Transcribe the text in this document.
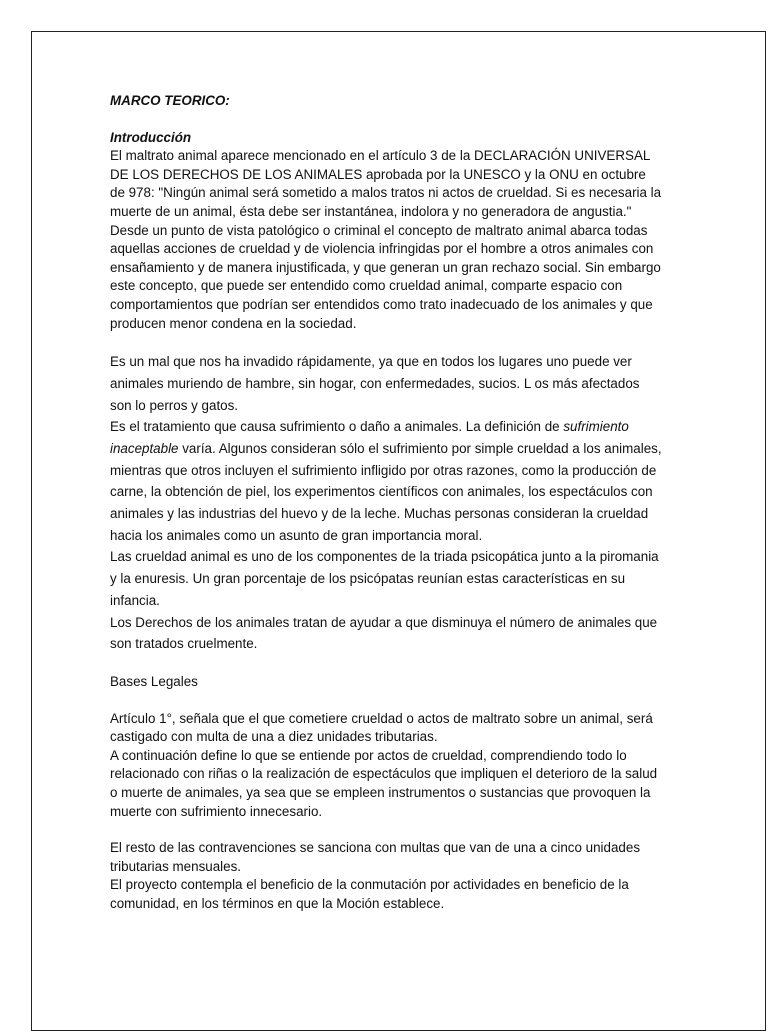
MARCO TEORICO:

Introducción

El maltrato animal aparece mencionado en el artículo 3 de la DECLARACIÓN UNIVERSAL DE LOS DERECHOS DE LOS ANIMALES aprobada por la UNESCO y la ONU en octubre de 978: "Ningún animal será sometido a malos tratos ni actos de crueldad. Si es necesaria la muerte de un animal, ésta debe ser instantánea, indolora y no generadora de angustia." Desde un punto de vista patológico o criminal el concepto de maltrato animal abarca todas aquellas acciones de crueldad y de violencia infringidas por el hombre a otros animales con ensañamiento y de manera injustificada, y que generan un gran rechazo social. Sin embargo este concepto, que puede ser entendido como crueldad animal, comparte espacio con comportamientos que podrían ser entendidos como trato inadecuado de los animales y que producen menor condena en la sociedad.

Es un mal que nos ha invadido rápidamente, ya que en todos los lugares uno puede ver animales muriendo de hambre, sin hogar, con enfermedades, sucios. L os más afectados son lo perros y gatos.

Es el tratamiento que causa sufrimiento o daño a animales. La definición de sufrimiento inaceptable varía. Algunos consideran sólo el sufrimiento por simple crueldad a los animales, mientras que otros incluyen el sufrimiento infligido por otras razones, como la producción de carne, la obtención de piel, los experimentos científicos con animales, los espectáculos con animales y las industrias del huevo y de la leche. Muchas personas consideran la crueldad hacia los animales como un asunto de gran importancia moral.

Las crueldad animal es uno de los componentes de la triada psicopática junto a la piromania y la enuresis. Un gran porcentaje de los psicópatas reunían estas características en su infancia.

Los Derechos de los animales tratan de ayudar a que disminuya el número de animales que son tratados cruelmente.

Bases Legales

Artículo 1°, señala que el que cometiere crueldad o actos de maltrato sobre un animal, será castigado con multa de una a diez unidades tributarias.

A continuación define lo que se entiende por actos de crueldad, comprendiendo todo lo relacionado con riñas o la realización de espectáculos que impliquen el deterioro de la salud o muerte de animales, ya sea que se empleen instrumentos o sustancias que provoquen la muerte con sufrimiento innecesario.

El resto de las contravenciones se sanciona con multas que van de una a cinco unidades tributarias mensuales.

El proyecto contempla el beneficio de la conmutación por actividades en beneficio de la comunidad, en los términos en que la Moción establece.
